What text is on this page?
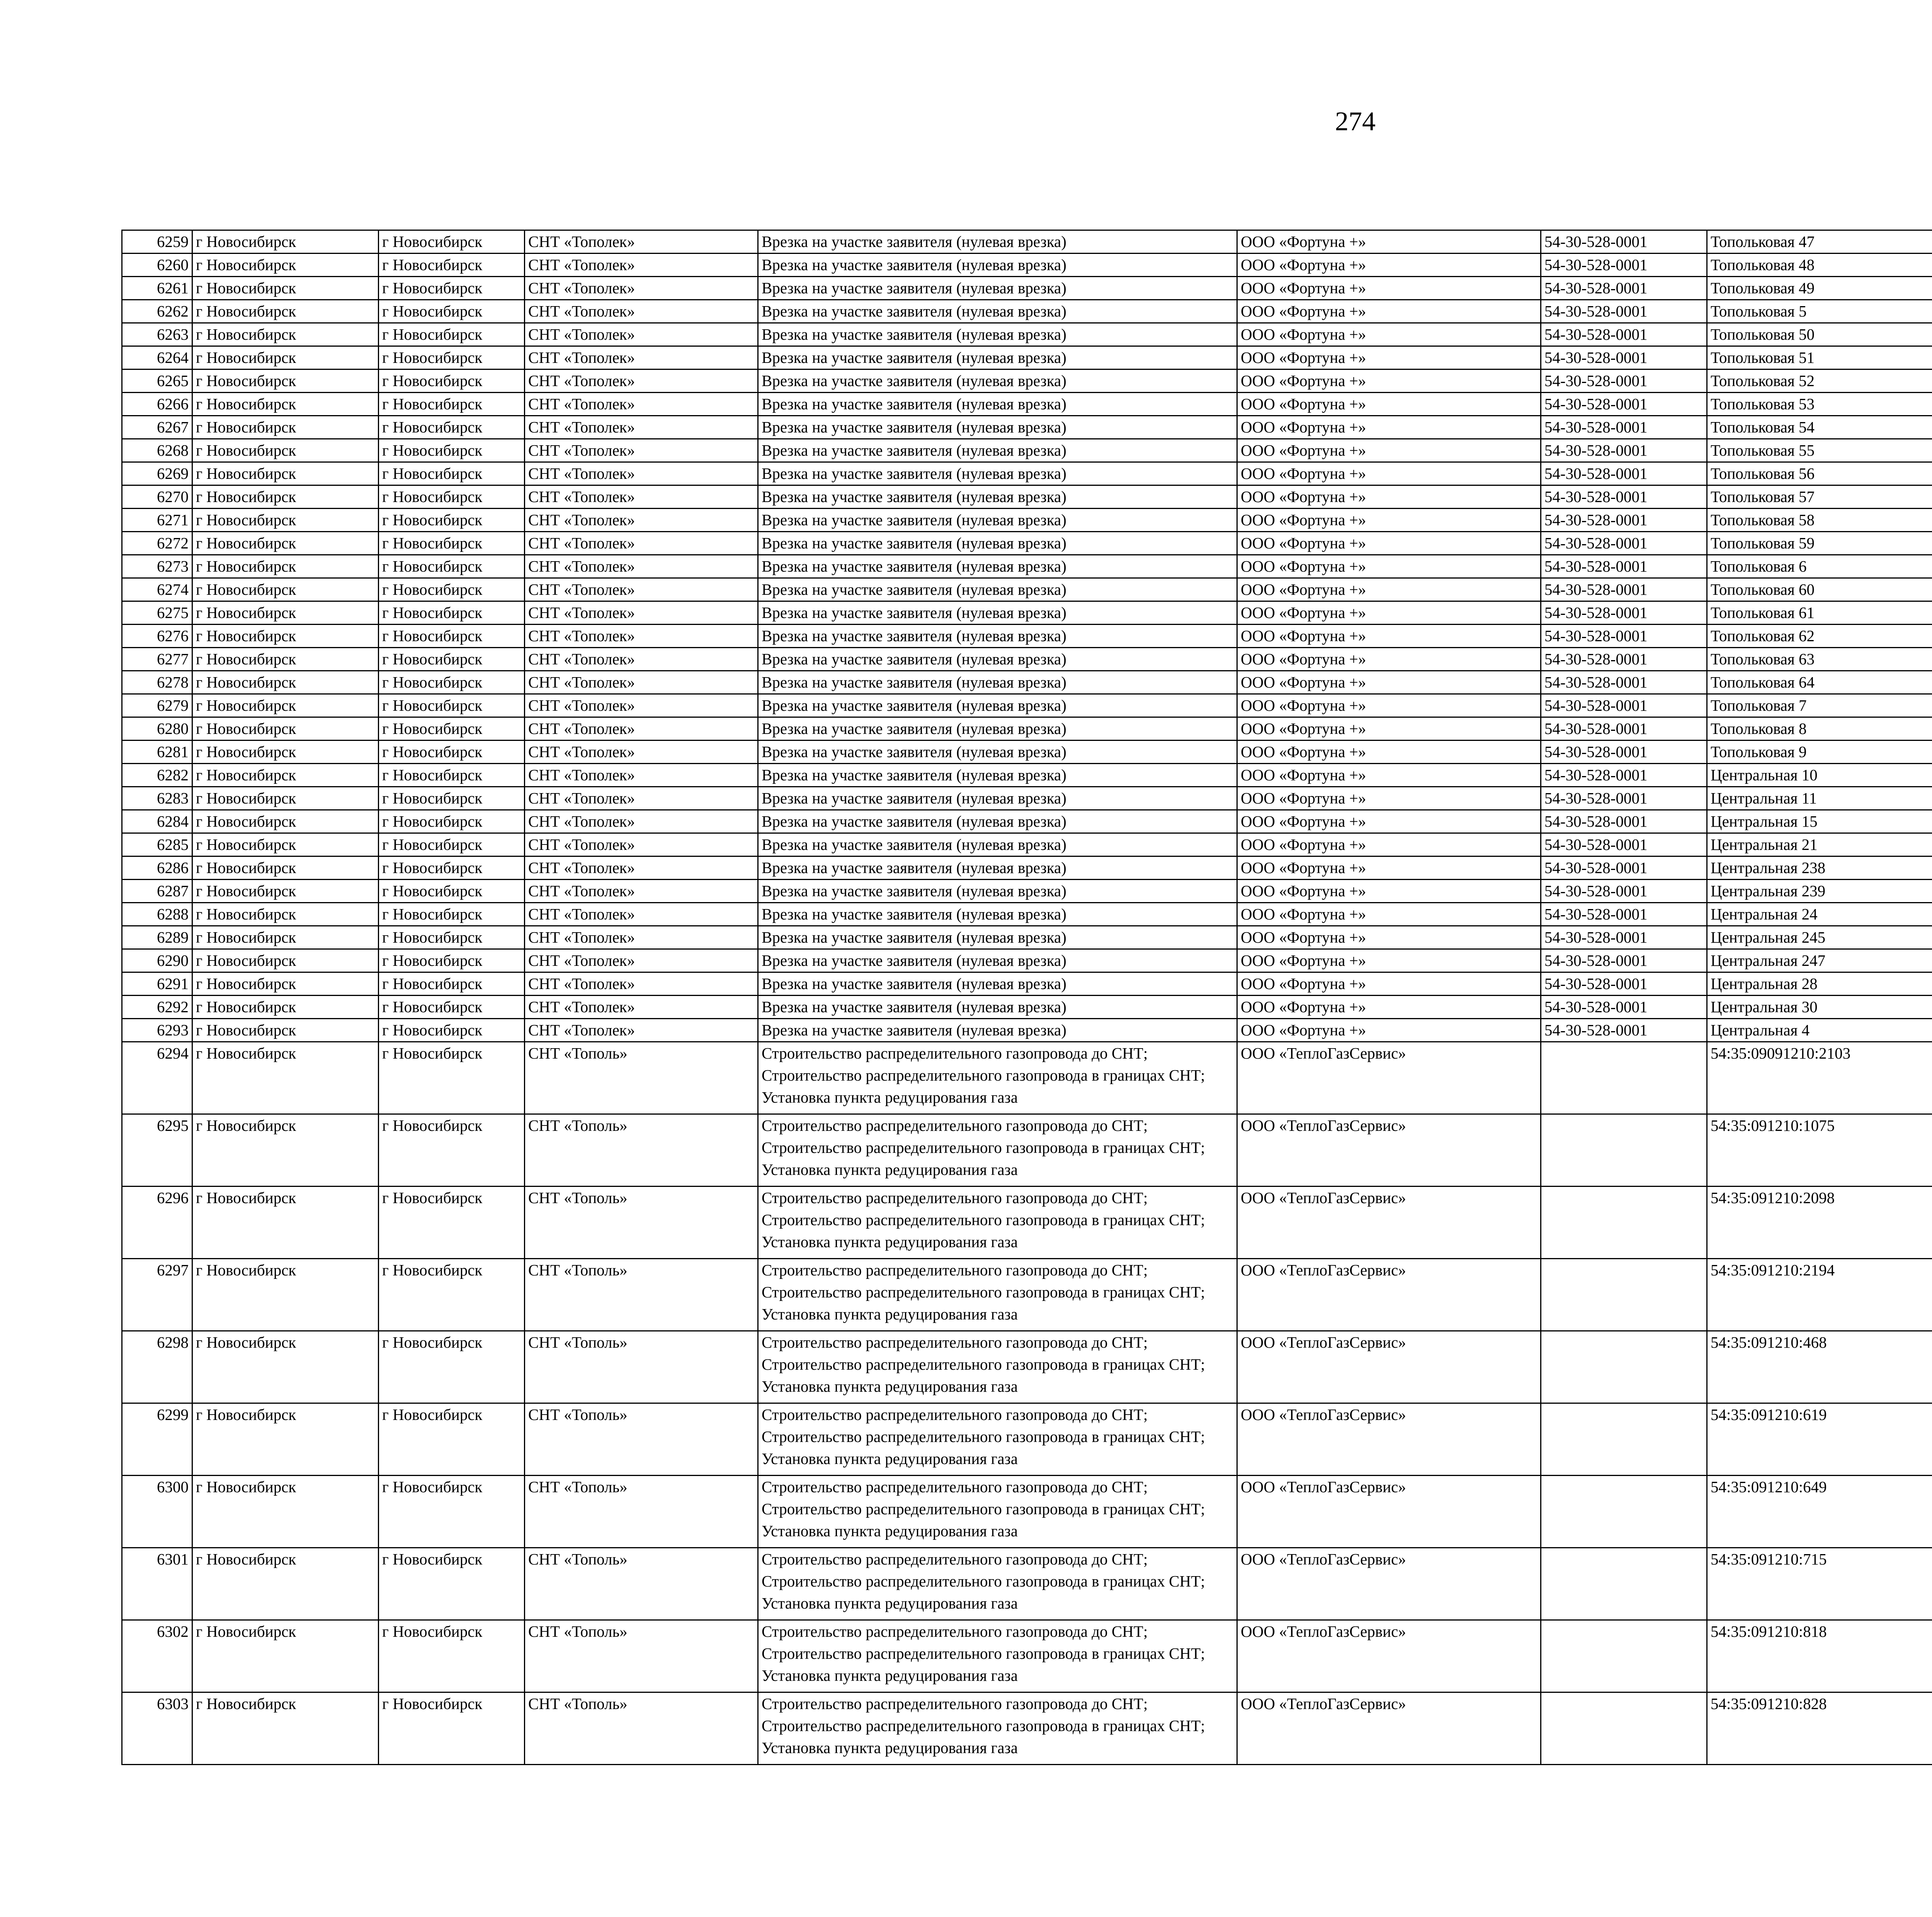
274
6259	г Новосибирск	г Новосибирск	СНТ «Тополек»	Врезка на участке заявителя (нулевая врезка)	ООО «Фортуна +»	54-30-528-0001	Топольковая 47					
6260	г Новосибирск	г Новосибирск	СНТ «Тополек»	Врезка на участке заявителя (нулевая врезка)	ООО «Фортуна +»	54-30-528-0001	Топольковая 48					
6261	г Новосибирск	г Новосибирск	СНТ «Тополек»	Врезка на участке заявителя (нулевая врезка)	ООО «Фортуна +»	54-30-528-0001	Топольковая 49					
6262	г Новосибирск	г Новосибирск	СНТ «Тополек»	Врезка на участке заявителя (нулевая врезка)	ООО «Фортуна +»	54-30-528-0001	Топольковая 5					
6263	г Новосибирск	г Новосибирск	СНТ «Тополек»	Врезка на участке заявителя (нулевая врезка)	ООО «Фортуна +»	54-30-528-0001	Топольковая 50					
6264	г Новосибирск	г Новосибирск	СНТ «Тополек»	Врезка на участке заявителя (нулевая врезка)	ООО «Фортуна +»	54-30-528-0001	Топольковая 51					
6265	г Новосибирск	г Новосибирск	СНТ «Тополек»	Врезка на участке заявителя (нулевая врезка)	ООО «Фортуна +»	54-30-528-0001	Топольковая 52					
6266	г Новосибирск	г Новосибирск	СНТ «Тополек»	Врезка на участке заявителя (нулевая врезка)	ООО «Фортуна +»	54-30-528-0001	Топольковая 53					
6267	г Новосибирск	г Новосибирск	СНТ «Тополек»	Врезка на участке заявителя (нулевая врезка)	ООО «Фортуна +»	54-30-528-0001	Топольковая 54					
6268	г Новосибирск	г Новосибирск	СНТ «Тополек»	Врезка на участке заявителя (нулевая врезка)	ООО «Фортуна +»	54-30-528-0001	Топольковая 55					
6269	г Новосибирск	г Новосибирск	СНТ «Тополек»	Врезка на участке заявителя (нулевая врезка)	ООО «Фортуна +»	54-30-528-0001	Топольковая 56					
6270	г Новосибирск	г Новосибирск	СНТ «Тополек»	Врезка на участке заявителя (нулевая врезка)	ООО «Фортуна +»	54-30-528-0001	Топольковая 57					
6271	г Новосибирск	г Новосибирск	СНТ «Тополек»	Врезка на участке заявителя (нулевая врезка)	ООО «Фортуна +»	54-30-528-0001	Топольковая 58					
6272	г Новосибирск	г Новосибирск	СНТ «Тополек»	Врезка на участке заявителя (нулевая врезка)	ООО «Фортуна +»	54-30-528-0001	Топольковая 59					
6273	г Новосибирск	г Новосибирск	СНТ «Тополек»	Врезка на участке заявителя (нулевая врезка)	ООО «Фортуна +»	54-30-528-0001	Топольковая 6					
6274	г Новосибирск	г Новосибирск	СНТ «Тополек»	Врезка на участке заявителя (нулевая врезка)	ООО «Фортуна +»	54-30-528-0001	Топольковая 60					
6275	г Новосибирск	г Новосибирск	СНТ «Тополек»	Врезка на участке заявителя (нулевая врезка)	ООО «Фортуна +»	54-30-528-0001	Топольковая 61					
6276	г Новосибирск	г Новосибирск	СНТ «Тополек»	Врезка на участке заявителя (нулевая врезка)	ООО «Фортуна +»	54-30-528-0001	Топольковая 62					
6277	г Новосибирск	г Новосибирск	СНТ «Тополек»	Врезка на участке заявителя (нулевая врезка)	ООО «Фортуна +»	54-30-528-0001	Топольковая 63					
6278	г Новосибирск	г Новосибирск	СНТ «Тополек»	Врезка на участке заявителя (нулевая врезка)	ООО «Фортуна +»	54-30-528-0001	Топольковая 64					
6279	г Новосибирск	г Новосибирск	СНТ «Тополек»	Врезка на участке заявителя (нулевая врезка)	ООО «Фортуна +»	54-30-528-0001	Топольковая 7					
6280	г Новосибирск	г Новосибирск	СНТ «Тополек»	Врезка на участке заявителя (нулевая врезка)	ООО «Фортуна +»	54-30-528-0001	Топольковая 8					
6281	г Новосибирск	г Новосибирск	СНТ «Тополек»	Врезка на участке заявителя (нулевая врезка)	ООО «Фортуна +»	54-30-528-0001	Топольковая 9					
6282	г Новосибирск	г Новосибирск	СНТ «Тополек»	Врезка на участке заявителя (нулевая врезка)	ООО «Фортуна +»	54-30-528-0001	Центральная 10					
6283	г Новосибирск	г Новосибирск	СНТ «Тополек»	Врезка на участке заявителя (нулевая врезка)	ООО «Фортуна +»	54-30-528-0001	Центральная 11					
6284	г Новосибирск	г Новосибирск	СНТ «Тополек»	Врезка на участке заявителя (нулевая врезка)	ООО «Фортуна +»	54-30-528-0001	Центральная 15					
6285	г Новосибирск	г Новосибирск	СНТ «Тополек»	Врезка на участке заявителя (нулевая врезка)	ООО «Фортуна +»	54-30-528-0001	Центральная 21					
6286	г Новосибирск	г Новосибирск	СНТ «Тополек»	Врезка на участке заявителя (нулевая врезка)	ООО «Фортуна +»	54-30-528-0001	Центральная 238					
6287	г Новосибирск	г Новосибирск	СНТ «Тополек»	Врезка на участке заявителя (нулевая врезка)	ООО «Фортуна +»	54-30-528-0001	Центральная 239					
6288	г Новосибирск	г Новосибирск	СНТ «Тополек»	Врезка на участке заявителя (нулевая врезка)	ООО «Фортуна +»	54-30-528-0001	Центральная 24					
6289	г Новосибирск	г Новосибирск	СНТ «Тополек»	Врезка на участке заявителя (нулевая врезка)	ООО «Фортуна +»	54-30-528-0001	Центральная 245					
6290	г Новосибирск	г Новосибирск	СНТ «Тополек»	Врезка на участке заявителя (нулевая врезка)	ООО «Фортуна +»	54-30-528-0001	Центральная 247					
6291	г Новосибирск	г Новосибирск	СНТ «Тополек»	Врезка на участке заявителя (нулевая врезка)	ООО «Фортуна +»	54-30-528-0001	Центральная 28					
6292	г Новосибирск	г Новосибирск	СНТ «Тополек»	Врезка на участке заявителя (нулевая врезка)	ООО «Фортуна +»	54-30-528-0001	Центральная 30					
6293	г Новосибирск	г Новосибирск	СНТ «Тополек»	Врезка на участке заявителя (нулевая врезка)	ООО «Фортуна +»	54-30-528-0001	Центральная 4					
6294	г Новосибирск	г Новосибирск	СНТ «Тополь»	Строительство распределительного газопровода до СНТ; Строительство распределительного газопровода в границах СНТ; Установка пункта редуцирования газа	ООО «ТеплоГазСервис»		54:35:09091210:2103					
6295	г Новосибирск	г Новосибирск	СНТ «Тополь»	Строительство распределительного газопровода до СНТ; Строительство распределительного газопровода в границах СНТ; Установка пункта редуцирования газа	ООО «ТеплоГазСервис»		54:35:091210:1075					
6296	г Новосибирск	г Новосибирск	СНТ «Тополь»	Строительство распределительного газопровода до СНТ; Строительство распределительного газопровода в границах СНТ; Установка пункта редуцирования газа	ООО «ТеплоГазСервис»		54:35:091210:2098					
6297	г Новосибирск	г Новосибирск	СНТ «Тополь»	Строительство распределительного газопровода до СНТ; Строительство распределительного газопровода в границах СНТ; Установка пункта редуцирования газа	ООО «ТеплоГазСервис»		54:35:091210:2194					
6298	г Новосибирск	г Новосибирск	СНТ «Тополь»	Строительство распределительного газопровода до СНТ; Строительство распределительного газопровода в границах СНТ; Установка пункта редуцирования газа	ООО «ТеплоГазСервис»		54:35:091210:468					
6299	г Новосибирск	г Новосибирск	СНТ «Тополь»	Строительство распределительного газопровода до СНТ; Строительство распределительного газопровода в границах СНТ; Установка пункта редуцирования газа	ООО «ТеплоГазСервис»		54:35:091210:619					
6300	г Новосибирск	г Новосибирск	СНТ «Тополь»	Строительство распределительного газопровода до СНТ; Строительство распределительного газопровода в границах СНТ; Установка пункта редуцирования газа	ООО «ТеплоГазСервис»		54:35:091210:649					
6301	г Новосибирск	г Новосибирск	СНТ «Тополь»	Строительство распределительного газопровода до СНТ; Строительство распределительного газопровода в границах СНТ; Установка пункта редуцирования газа	ООО «ТеплоГазСервис»		54:35:091210:715					
6302	г Новосибирск	г Новосибирск	СНТ «Тополь»	Строительство распределительного газопровода до СНТ; Строительство распределительного газопровода в границах СНТ; Установка пункта редуцирования газа	ООО «ТеплоГазСервис»		54:35:091210:818					
6303	г Новосибирск	г Новосибирск	СНТ «Тополь»	Строительство распределительного газопровода до СНТ; Строительство распределительного газопровода в границах СНТ; Установка пункта редуцирования газа	ООО «ТеплоГазСервис»		54:35:091210:828					
